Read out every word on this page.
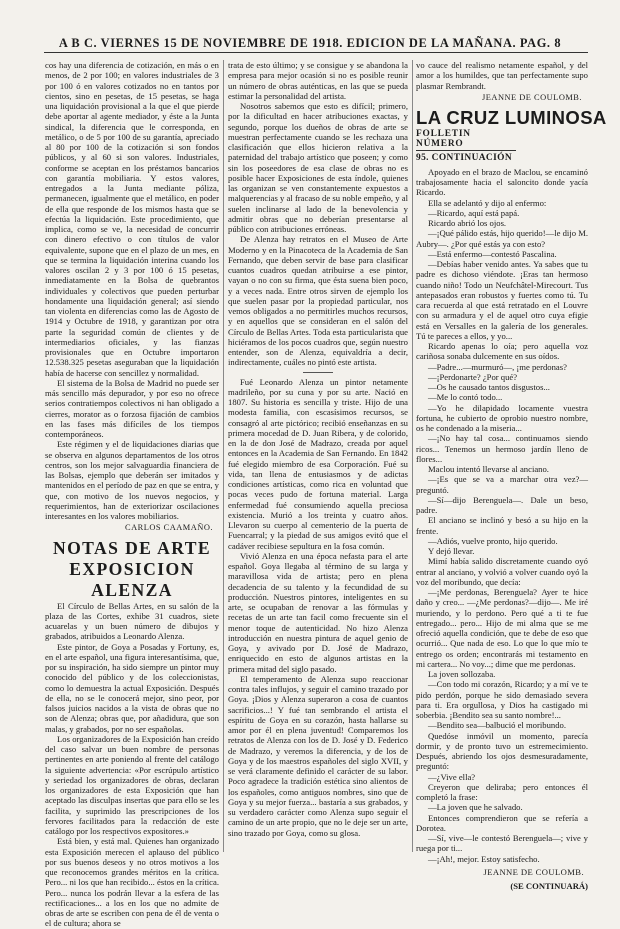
A B C. VIERNES 15 DE NOVIEMBRE DE 1918. EDICION DE LA MAÑANA. PAG. 8

cos hay una diferencia de cotización, en más o en menos, de 2 por 100; en valores industriales de 3 por 100 ó en valores cotizados no en tantos por cientos, sino en pesetas, de 15 pesetas, se haga una liquidación provisional a la que el que pierde debe aportar al agente mediador, y éste a la Junta sindical, la diferencia que le corresponda, en metálico, o de 5 por 100 de su garantía, apreciado al 80 por 100 de la cotización si son fondos públicos, y al 60 si son valores. Industriales, conforme se aceptan en los préstamos bancarios con garantía mobiliaria. Y estos valores, entregados a la Junta mediante póliza, permanecen, igualmente que el metálico, en poder de ella que responde de los mismos hasta que se efectúa la liquidación. Este procedimiento, que implica, como se ve, la necesidad de concurrir con dinero efectivo o con títulos de valor equivalente, supone que en el plazo de un mes, en que se termina la liquidación interina cuando los valores oscilan 2 y 3 por 100 ó 15 pesetas, inmediatamente en la Bolsa de quebrantos individuales y colectivos que pueden perturbar hondamente una liquidación general; así siendo tan violenta en diferencias como las de Agosto de 1914 y Octubre de 1918, y garantizan por otra parte la seguridad común de clientes y de intermediarios oficiales, y las fianzas provisionales que en Octubre importaron 12.538.325 pesetas aseguraban que la liquidación había de hacerse con sencillez y normalidad.

El sistema de la Bolsa de Madrid no puede ser más sencillo más depurador, y por eso no ofrece serios contratiempos colectivos ni han obligado a cierres, morator as o forzosa fijación de cambios en las fases más difíciles de los tiempos contemporáneos.

Este régimen y el de liquidaciones diarias que se observa en algunos departamentos de los otros centros, son los mejor salvaguardia financiera de las Bolsas, ejemplo que deberán ser imitados y mantenidos en el período de paz en que se entra, y que, con motivo de los nuevos negocios, y requerimientos, han de exteriorizar oscilaciones interesantes en los valores mobiliarios.

CARLOS CAAMAÑO.

NOTAS DE ARTE EXPOSICION ALENZA

El Círculo de Bellas Artes, en su salón de la plaza de las Cortes, exhibe 31 cuadros, siete acuarelas y un buen número de dibujos y grabados, atribuidos a Leonardo Alenza.

Este pintor, de Goya a Posadas y Fortuny, es, en el arte español, una figura interesantísima, que, por su inspiración, ha sido siempre un pintor muy conocido del público y de los coleccionistas, como lo demuestra la actual Exposición. Después de ella, no se le conocerá mejor, sino peor, por falsos juicios nacidos a la vista de obras que no son de Alenza; obras que, por añadidura, que son malas, y grabados, por no ser españolas.

Los organizadores de la Exposición han creído del caso salvar un buen nombre de personas pertinentes en arte poniendo al frente del catálogo la siguiente advertencia: «Por escrúpulo artístico y seriedad los organizadores de obras, declaran los organizadores de esta Exposición que han aceptado las disculpas insertas que para ello se les facilita, y suprimido las prescripciones de los fervores facilitados para la redacción de este catálogo por los respectivos expositores.»

Está bien, y está mal. Quienes han organizado esta Exposición merecen el aplauso del público por sus buenos deseos y no otros motivos a los que reconocemos grandes méritos en la crítica. Pero... ni los que han recibido... éstos en la crítica. Pero... nunca los podrán llevar a la esfera de las rectificaciones... a los en los que no admite de obras de arte se escriben con pena de él de venta o el de cultura; ahora se

trata de esto último; y se consigue y se abandona la empresa para mejor ocasión si no es posible reunir un número de obras auténticas, en las que se pueda estimar la personalidad del artista.

Nosotros sabemos que esto es difícil; primero, por la dificultad en hacer atribuciones exactas, y segundo, porque los dueños de obras de arte se muestran perfectamente cuando se les rechaza una clasificación que ellos hicieron relativa a la paternidad del trabajo artístico que poseen; y como sin los poseedores de esa clase de obras no es posible hacer Exposiciones de esta índole, quienes las organizan se ven constantemente expuestos a malquerencias y al fracaso de su noble empeño, y al suelen inclinarse al lado de la benevolencia y admitir obras que no deberían presentarse al público con atribuciones erróneas.

De Alenza hay retratos en el Museo de Arte Moderno y en la Pinacoteca de la Academia de San Fernando, que deben servir de base para clasificar cuantos cuadros quedan atribuirse a ese pintor, vayan o no con su firma, que ésta suena bien poco, y a veces nada. Entre otros sirven de ejemplo los que suelen pasar por la propiedad particular, nos vemos obligados a no permitirles muchos recursos, y en aquellos que se consideran en el salón del Círculo de Bellas Artes. Toda esta particularista que hiciéramos de los pocos cuadros que, según nuestro entender, son de Alenza, equivaldría a decir, indirectamente, cuáles no pintó este artista.

Fué Leonardo Alenza un pintor netamente madrileño, por su cuna y por su arte. Nació en 1807. Su historia es sencilla y triste. Hijo de una modesta familia, con escasísimos recursos, se consagró al arte pictórico; recibió enseñanzas en su primera mocedad de D. Juan Ribera, y de colorido, en la de don José de Madrazo, creada por aquel entonces en la Academia de San Fernando. En 1842 fué elegido miembro de esa Corporación. Fué su vida, tan llena de entusiasmos y de adictas condiciones artísticas, como rica en voluntad que pocas veces pudo de fortuna material. Larga enfermedad fué consumiendo aquella preciosa existencia. Murió a los treinta y cuatro años. Llevaron su cuerpo al cementerio de la puerta de Fuencarral; y la piedad de sus amigos evitó que el cadáver recibiese sepultura en la fosa común.

Vivió Alenza en una época nefasta para el arte español. Goya llegaba al término de su larga y maravillosa vida de artista; pero en plena decadencia de su talento y la fecundidad de su producción. Nuestros pintores, inteligentes en su arte, se ocupaban de renovar a las fórmulas y recetas de un arte tan facil como frecuente sin el menor toque de autenticidad. No hizo Alenza introducción en nuestra pintura de aquel genio de Goya, y avivado por D. José de Madrazo, enriquecido en esto de algunos artistas en la primera mitad del siglo pasado.

El temperamento de Alenza supo reaccionar contra tales influjos, y seguir el camino trazado por Goya. ¡Dios y Alenza superaron a cosa de cuantos sacrificios...! Y fué tan sembrando el artista el espíritu de Goya en su corazón, hasta hallarse su amor por él en plena juventud! Comparemos los retratos de Alenza con los de D. José y D. Federico de Madrazo, y veremos la diferencia, y de los de Goya y de los maestros españoles del siglo XVII, y se verá claramente definido el carácter de su labor. Poco agradece la tradición estética sino alientos de los españoles, como antiguos nombres, sino que de Goya y su mejor fuerza... bastaría a sus grabados, y su verdadero carácter como Alenza supo seguir el camino de un arte propio, que no le deje ser un arte, sino trazado por Goya, como su glosa.

vo cauce del realismo netamente español, y del amor a los humildes, que tan perfectamente supo plasmar Rembrandt.

JEANNE DE COULOMB.

LA CRUZ LUMINOSA

FOLLETIN NÚMERO

95. CONTINUACIÓN

Apoyado en el brazo de Maclou, se encaminó trabajosamente hacia el saloncito donde yacía Ricardo.

Ella se adelantó y dijo al enfermo:

—Ricardo, aquí está papá.

Ricardo abrió los ojos.

—¡Qué pálido estás, hijo querido!—le dijo M. Aubry—. ¿Por qué estás ya con esto?

—Está enfermo—contestó Pascalina.

—Debías haber venido antes. Ya sabes que tu padre es dichoso viéndote. ¡Eras tan hermoso cuando niño! Todo un Neufchâtel-Mirecourt. Tus antepasados eran robustos y fuertes como tú. Tu cara recuerda al que está retratado en el Louvre con su armadura y el de aquel otro cuya efigie está en Versalles en la galería de los generales. Tú te pareces a ellos, y yo...

Ricardo apenas lo oía; pero aquella voz cariñosa sonaba dulcemente en sus oídos.

—Padre...—murmuró—, ¡me perdonas?

—¡Perdonarte? ¿Por qué?

—Os he causado tantos disgustos...

—Me lo contó todo...

—Yo he dilapidado locamente vuestra fortuna, he cubierto de oprobio nuestro nombre, os he condenado a la miseria...

—¡No hay tal cosa... continuamos siendo ricos... Tenemos un hermoso jardín lleno de flores...

Maclou intentó llevarse al anciano.

—¡Es que se va a marchar otra vez?—preguntó.

—Sí—dijo Berenguela—. Dale un beso, padre.

El anciano se inclinó y besó a su hijo en la frente.

—Adiós, vuelve pronto, hijo querido.

Y dejó llevar.

Mimí había salido discretamente cuando oyó entrar al anciano, y volvió a volver cuando oyó la voz del moribundo, que decía:

—¡Me perdonas, Berenguela? Ayer te hice daño y creo... —¿Me perdonas?—dijo—. Me iré muriendo, y lo perdono. Pero qué a ti te fue entregado... pero... Hijo de mi alma que se me ofreció aquella condición, que te debe de eso que ocurrió... Que nada de eso. Lo que lo que mío te entrego os orden; encontrarás mi testamento en mi cartera... No voy...; dime que me perdonas.

La joven sollozaba.

—Con todo mi corazón, Ricardo; y a mí ve te pido perdón, porque he sido demasiado severa para ti. Era orgullosa, y Dios ha castigado mi soberbia. ¡Bendito sea su santo nombre!...

—Bendito sea—balbució el moribundo.

Quedóse inmóvil un momento, parecía dormir, y de pronto tuvo un estremecimiento. Después, abriendo los ojos desmesuradamente, preguntó:

—¿Vive ella?

Creyeron que deliraba; pero entonces él completó la frase:

—La joven que he salvado.

Entonces comprendieron que se refería a Dorotea.

—Sí, vive—le contestó Berenguela—; vive y ruega por ti...

—¡Ah!, mejor. Estoy satisfecho.

JEANNE DE COULOMB.

(SE CONTINUARÁ)
